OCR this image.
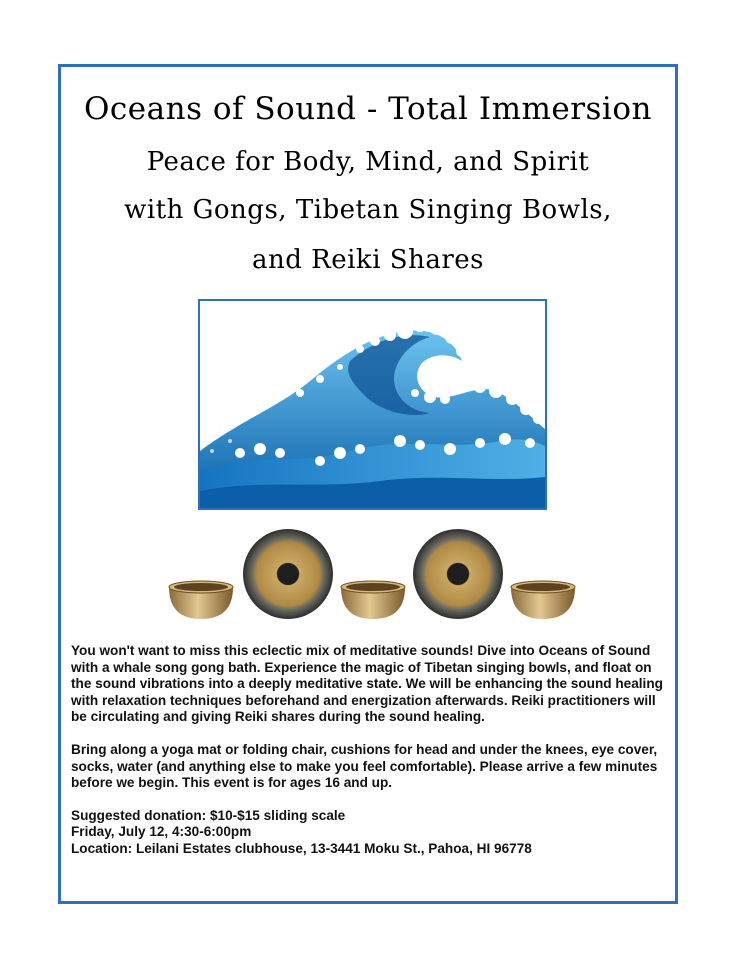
Oceans of Sound - Total Immersion
Peace for Body, Mind, and Spirit
with Gongs, Tibetan Singing Bowls,
and Reiki Shares

You won't want to miss this eclectic mix of meditative sounds! Dive into Oceans of Sound with a whale song gong bath. Experience the magic of Tibetan singing bowls, and float on the sound vibrations into a deeply meditative state. We will be enhancing the sound healing with relaxation techniques beforehand and energization afterwards. Reiki practitioners will be circulating and giving Reiki shares during the sound healing.

Bring along a yoga mat or folding chair, cushions for head and under the knees, eye cover, socks, water (and anything else to make you feel comfortable). Please arrive a few minutes before we begin. This event is for ages 16 and up.

Suggested donation: $10-$15 sliding scale

Friday, July 12, 4:30-6:00pm

Location: Leilani Estates clubhouse, 13-3441 Moku St., Pahoa, HI 96778
